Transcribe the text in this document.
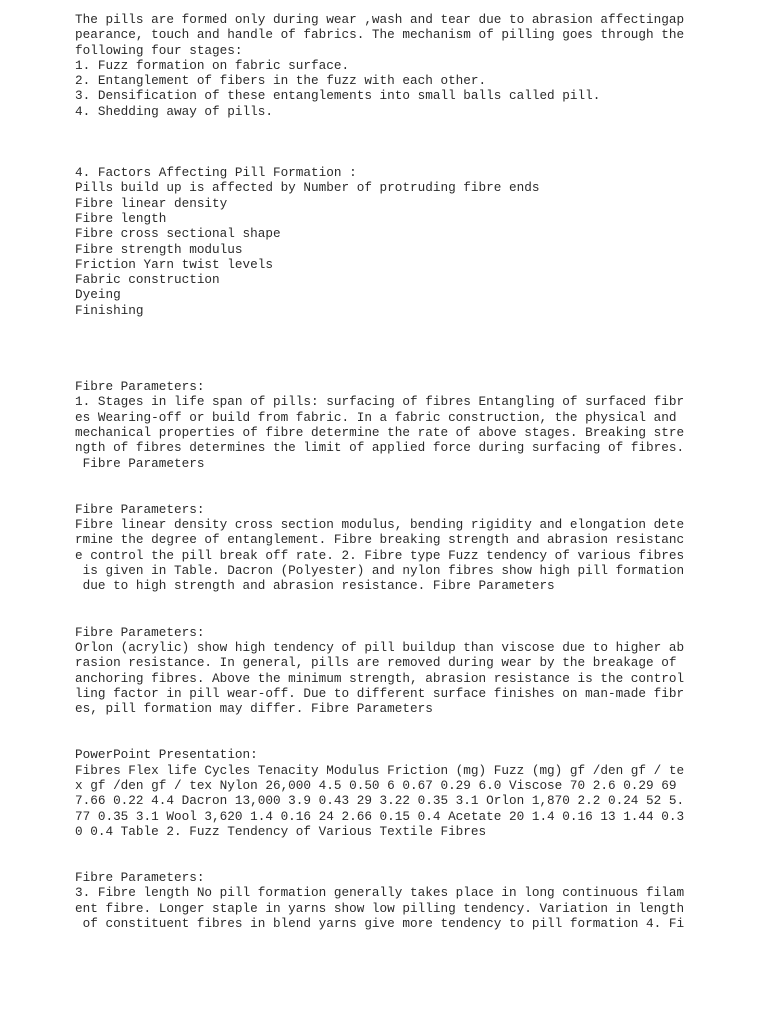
The pills are formed only during wear ,wash and tear due to abrasion affectingap
pearance, touch and handle of fabrics. The mechanism of pilling goes through the
following four stages:
1. Fuzz formation on fabric surface.
2. Entanglement of fibers in the fuzz with each other.
3. Densification of these entanglements into small balls called pill.
4. Shedding away of pills.
4. Factors Affecting Pill Formation :
Pills build up is affected by Number of protruding fibre ends
Fibre linear density
Fibre length
Fibre cross sectional shape
Fibre strength modulus
Friction Yarn twist levels
Fabric construction
Dyeing
Finishing
Fibre Parameters:
1. Stages in life span of pills: surfacing of fibres Entangling of surfaced fibr
es Wearing-off or build from fabric. In a fabric construction, the physical and
mechanical properties of fibre determine the rate of above stages. Breaking stre
ngth of fibres determines the limit of applied force during surfacing of fibres.
Fibre Parameters
Fibre Parameters:
Fibre linear density cross section modulus, bending rigidity and elongation dete
rmine the degree of entanglement. Fibre breaking strength and abrasion resistanc
e control the pill break off rate. 2. Fibre type Fuzz tendency of various fibres
is given in Table. Dacron (Polyester) and nylon fibres show high pill formation
due to high strength and abrasion resistance. Fibre Parameters
Fibre Parameters:
Orlon (acrylic) show high tendency of pill buildup than viscose due to higher ab
rasion resistance. In general, pills are removed during wear by the breakage of
anchoring fibres. Above the minimum strength, abrasion resistance is the control
ling factor in pill wear-off. Due to different surface finishes on man-made fibr
es, pill formation may differ. Fibre Parameters
PowerPoint Presentation:
Fibres Flex life Cycles Tenacity Modulus Friction (mg) Fuzz (mg) gf /den gf / te
x gf /den gf / tex Nylon 26,000 4.5 0.50 6 0.67 0.29 6.0 Viscose 70 2.6 0.29 69
7.66 0.22 4.4 Dacron 13,000 3.9 0.43 29 3.22 0.35 3.1 Orlon 1,870 2.2 0.24 52 5.
77 0.35 3.1 Wool 3,620 1.4 0.16 24 2.66 0.15 0.4 Acetate 20 1.4 0.16 13 1.44 0.3
0 0.4 Table 2. Fuzz Tendency of Various Textile Fibres
Fibre Parameters:
3. Fibre length No pill formation generally takes place in long continuous filam
ent fibre. Longer staple in yarns show low pilling tendency. Variation in length
of constituent fibres in blend yarns give more tendency to pill formation 4. Fi
